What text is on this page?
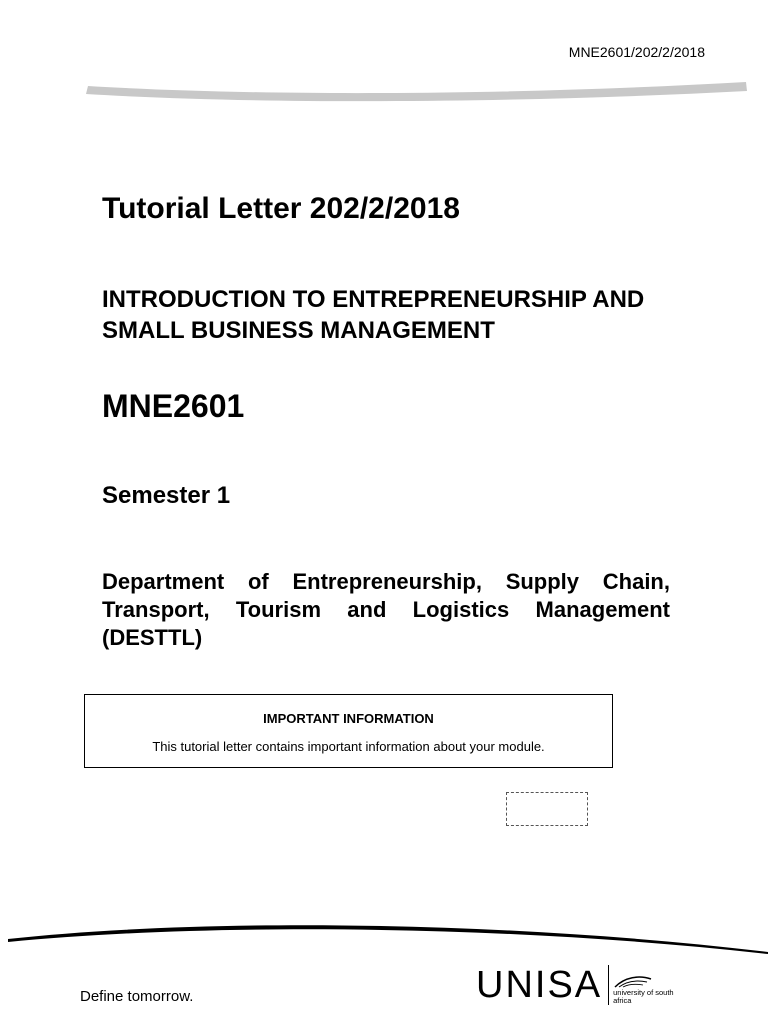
MNE2601/202/2/2018
Tutorial Letter 202/2/2018
INTRODUCTION TO ENTREPRENEURSHIP AND SMALL BUSINESS MANAGEMENT
MNE2601
Semester 1

Department of Entrepreneurship, Supply Chain, Transport, Tourism and Logistics Management (DESTTL)

IMPORTANT INFORMATION
This tutorial letter contains important information about your module.
Define tomorrow.	UNISA university of south africa
